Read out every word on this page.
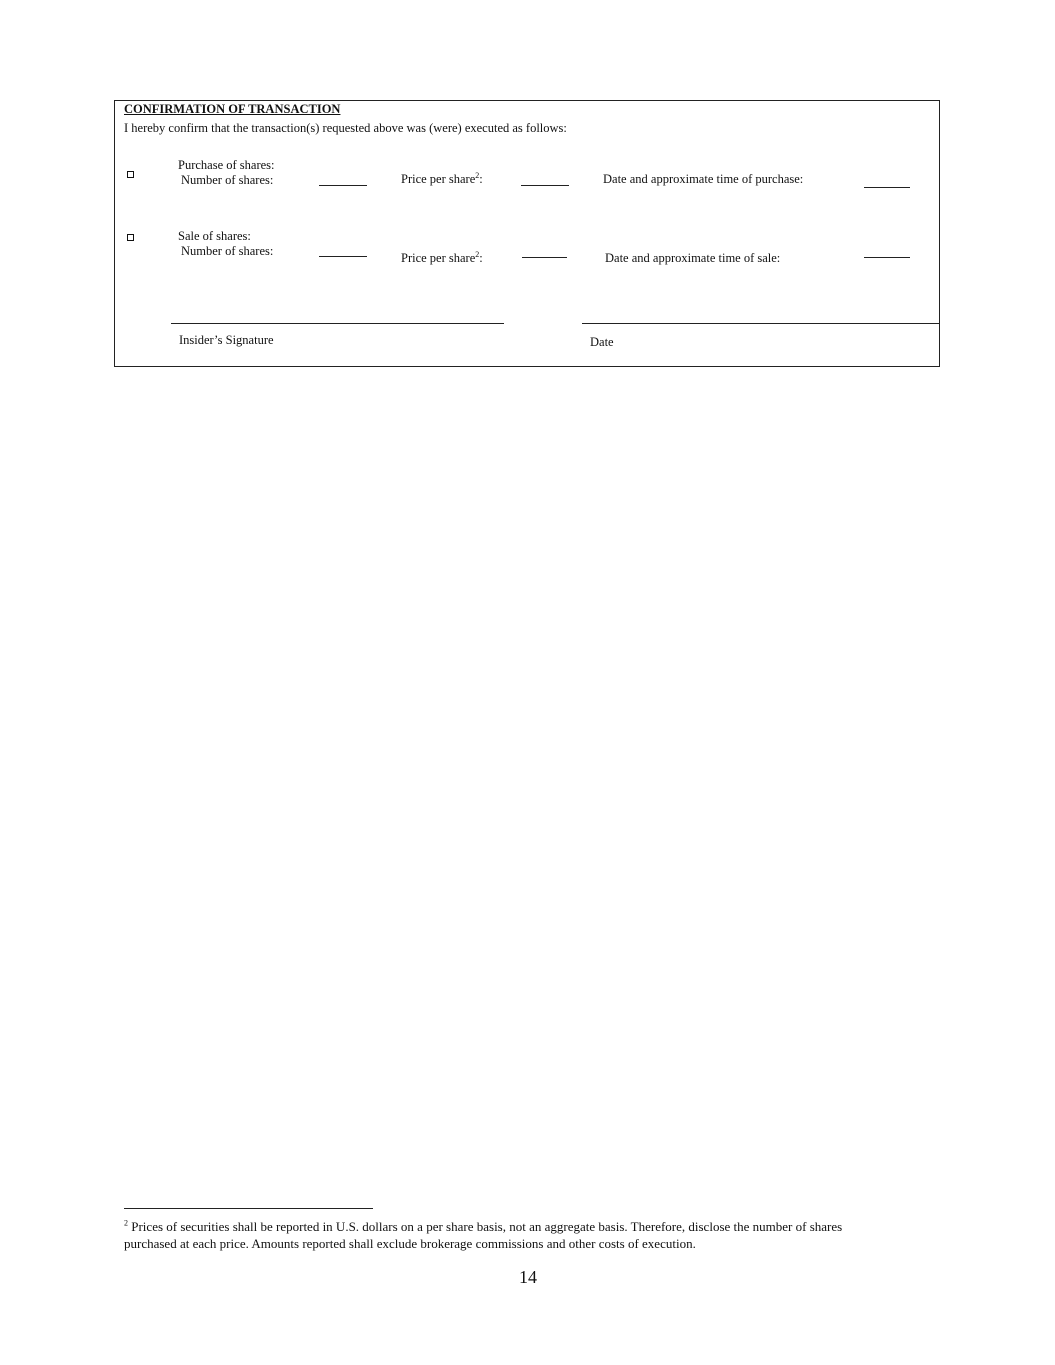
CONFIRMATION OF TRANSACTION
I hereby confirm that the transaction(s) requested above was (were) executed as follows:
Purchase of shares:
Number of shares:	Price per share$^2$:	Date and approximate time of purchase:
Sale of shares:
Number of shares:	Price per share$^2$:	Date and approximate time of sale:
Insider’s Signature	Date
$^2$ Prices of securities shall be reported in U.S. dollars on a per share basis, not an aggregate basis. Therefore, disclose the number of shares
purchased at each price. Amounts reported shall exclude brokerage commissions and other costs of execution.
14
